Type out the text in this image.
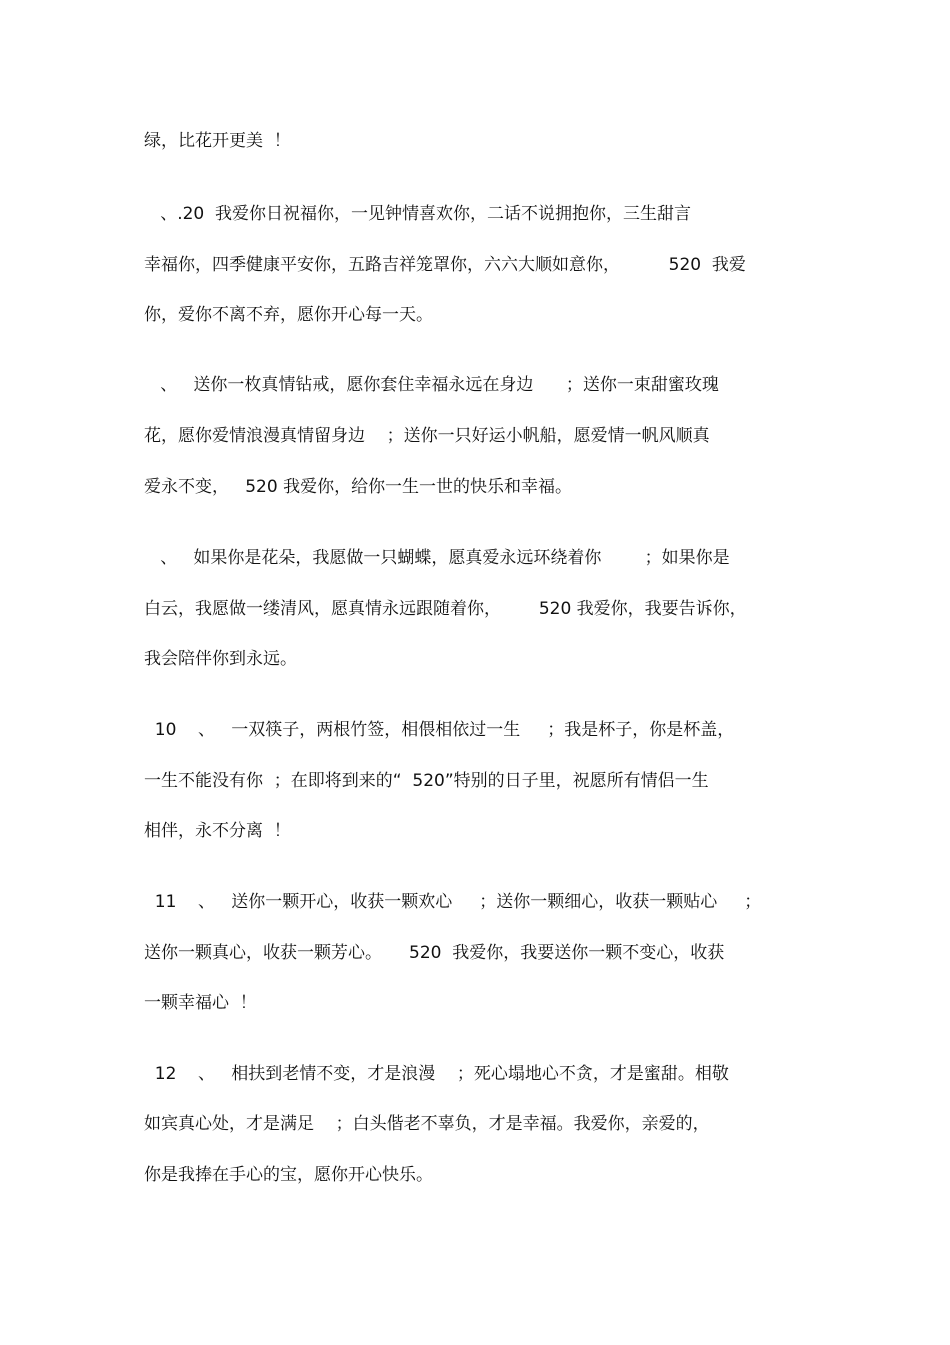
绿，比花开更美  ！
、.20  我爱你日祝福你，一见钟情喜欢你，二话不说拥抱你，三生甜言
幸福你，四季健康平安你，五路吉祥笼罩你，六六大顺如意你，         520  我爱
你，爱你不离不弃，愿你开心每一天。
、   送你一枚真情钻戒，愿你套住幸福永远在身边      ；送你一束甜蜜玫瑰
花，愿你爱情浪漫真情留身边    ；送你一只好运小帆船，愿爱情一帆风顺真
爱永不变，   520 我爱你，给你一生一世的快乐和幸福。
、   如果你是花朵，我愿做一只蝴蝶，愿真爱永远环绕着你        ；如果你是
白云，我愿做一缕清风，愿真情永远跟随着你，       520 我爱你，我要告诉你，
我会陪伴你到永远。
10    、   一双筷子，两根竹签，相偎相依过一生     ；我是杯子，你是杯盖，
一生不能没有你  ；在即将到来的“  520”特别的日子里，祝愿所有情侣一生
相伴，永不分离  ！
11    、   送你一颗开心，收获一颗欢心     ；送你一颗细心，收获一颗贴心     ；
送你一颗真心，收获一颗芳心。     520  我爱你，我要送你一颗不变心，收获
一颗幸福心  ！
12    、   相扶到老情不变，才是浪漫    ；死心塌地心不贪，才是蜜甜。相敬
如宾真心处，才是满足    ；白头偕老不辜负，才是幸福。我爱你，亲爱的，
你是我捧在手心的宝，愿你开心快乐。
